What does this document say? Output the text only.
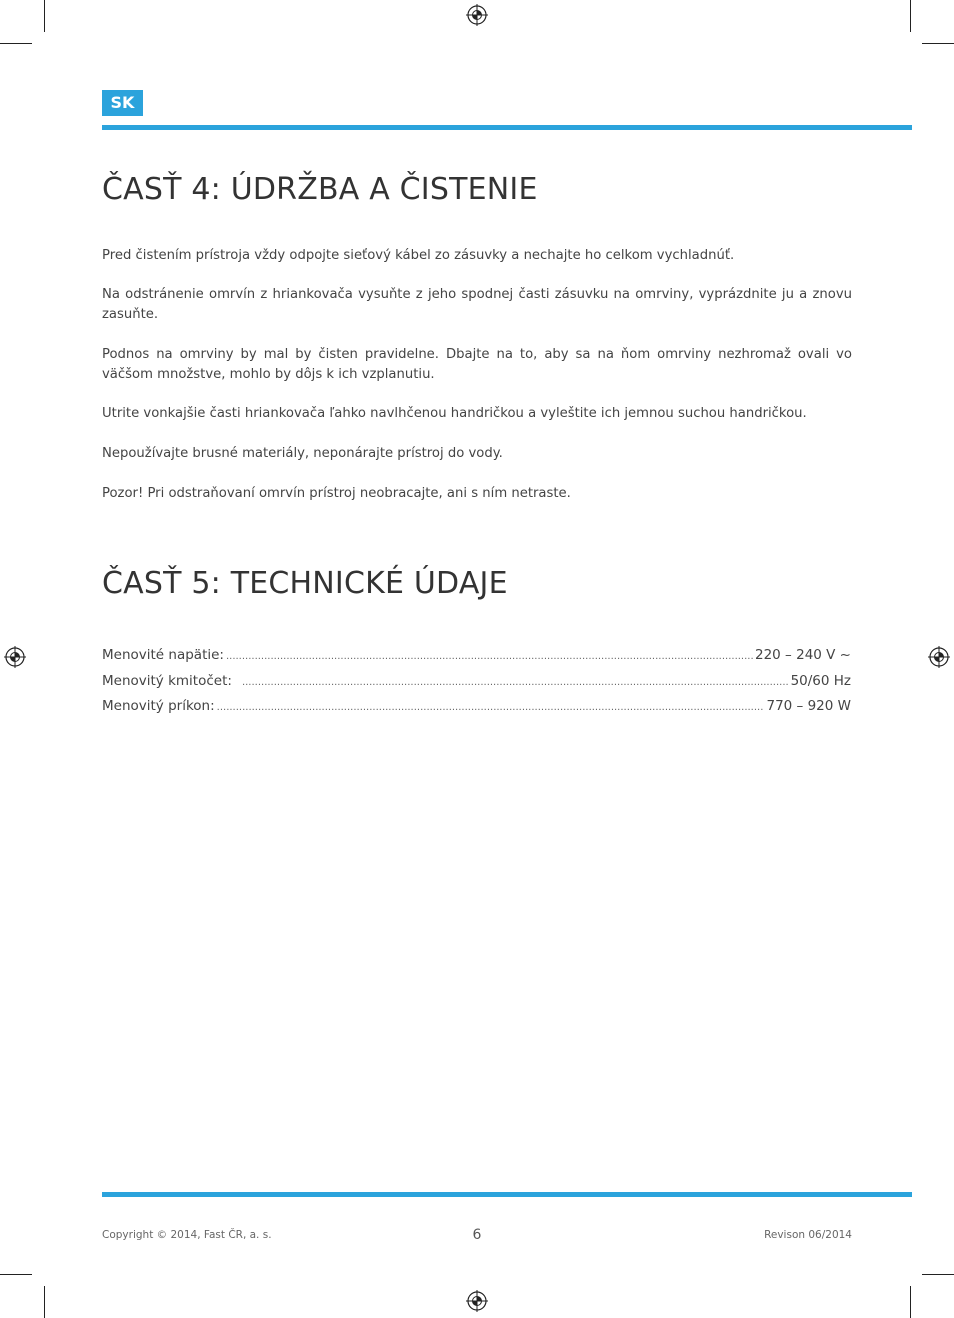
SK
ČASŤ 4: ÚDRŽBA A ČISTENIE

Pred čistením prístroja vždy odpojte sieťový kábel zo zásuvky a nechajte ho celkom vychladnúť.

Na odstránenie omrvín z hriankovača vysuňte z jeho spodnej časti zásuvku na omrviny, vyprázdnite ju a znovu zasuňte.

Podnos na omrviny by mal by čisten pravidelne. Dbajte na to, aby sa na ňom omrviny nezhromaž ovali vo väčšom množstve, mohlo by dôjs k ich vzplanutiu.

Utrite vonkajšie časti hriankovača ľahko navlhčenou handričkou a vyleštite ich jemnou suchou handričkou.

Nepoužívajte brusné materiály, neponárajte prístroj do vody.

Pozor! Pri odstraňovaní omrvín prístroj neobracajte, ani s ním netraste.

ČASŤ 5: TECHNICKÉ ÚDAJE
Menovité napätie: .....	220 – 240 V ~
Menovitý kmitočet: .....	50/60 Hz
Menovitý príkon: .....	770 – 920 W
Copyright © 2014, Fast ČR, a. s.	6	Revison 06/2014
